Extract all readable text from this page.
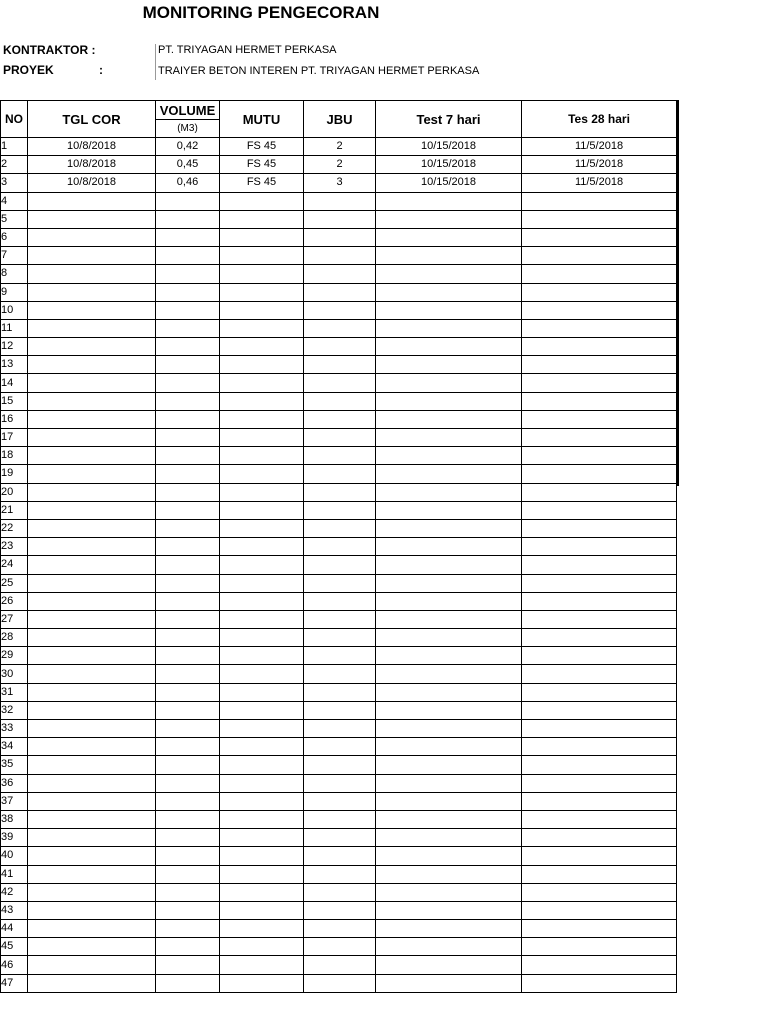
MONITORING PENGECORAN
KONTRAKTOR :	PT. TRIYAGAN HERMET PERKASA
PROYEK	:	TRAIYER BETON INTEREN PT. TRIYAGAN HERMET PERKASA
NO	TGL COR	VOLUME	MUTU	JBU	Test 7 hari	Tes 28 hari
		(M3)				
1	10/8/2018	0,42	FS 45	2	10/15/2018	11/5/2018
2	10/8/2018	0,45	FS 45	2	10/15/2018	11/5/2018
3	10/8/2018	0,46	FS 45	3	10/15/2018	11/5/2018
4						
5						
6						
7						
8						
9						
10						
11						
12						
13						
14						
15						
16						
17						
18						
19						
20						
21						
22						
23						
24						
25						
26						
27						
28						
29						
30						
31						
32						
33						
34						
35						
36						
37						
38						
39						
40						
41						
42						
43						
44						
45						
46						
47						
